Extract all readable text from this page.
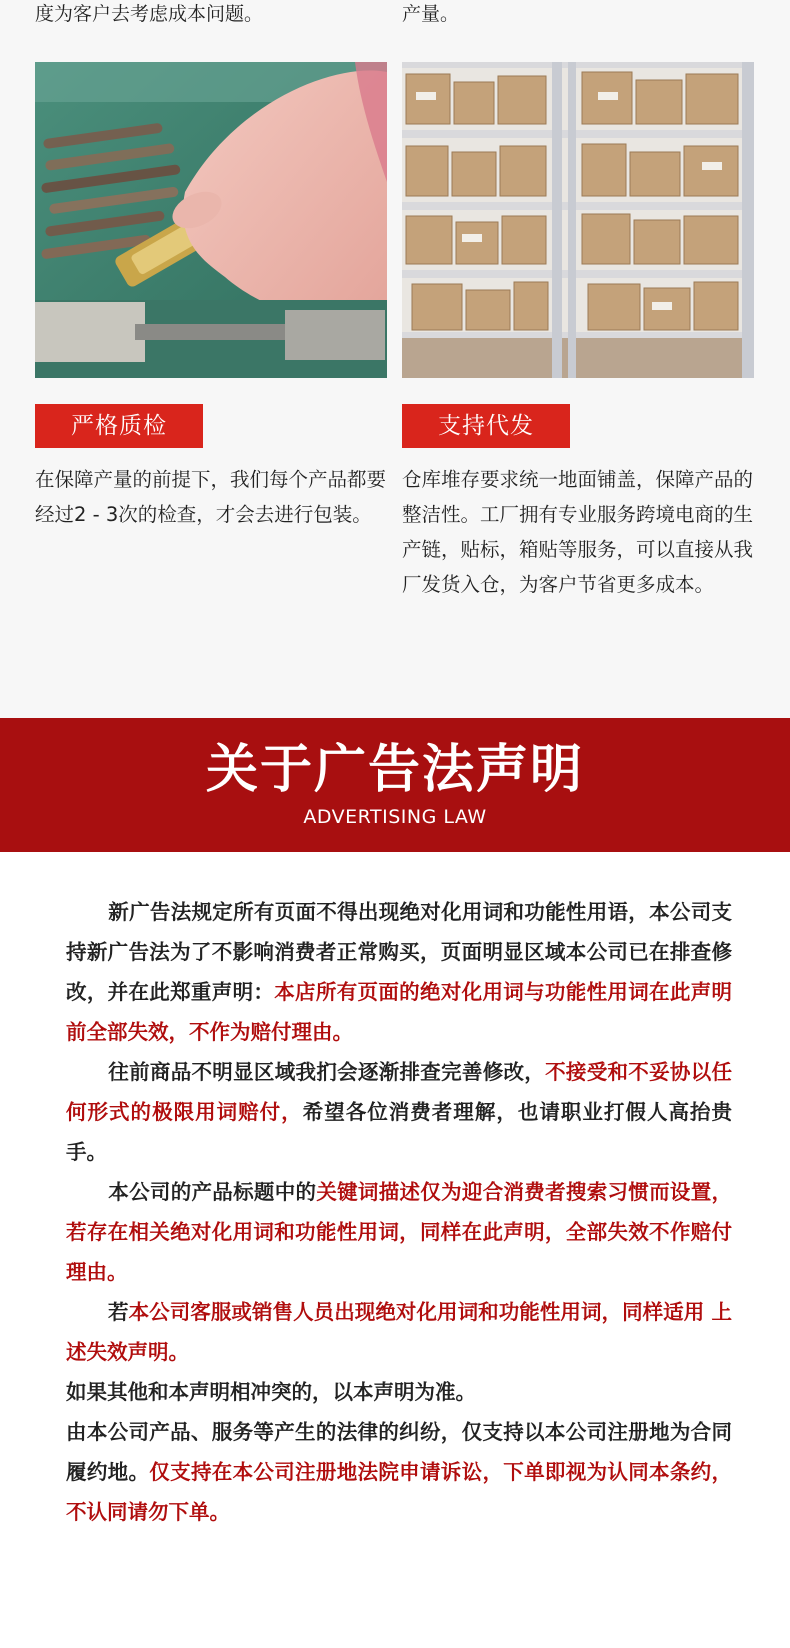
度为客户去考虑成本问题。
严格质检
在保障产量的前提下，我们每个产品都要经过2 - 3次的检查，才会去进行包装。
产量。
支持代发
仓库堆存要求统一地面铺盖，保障产品的整洁性。工厂拥有专业服务跨境电商的生产链，贴标，箱贴等服务，可以直接从我厂发货入仓，为客户节省更多成本。
关于广告法声明
ADVERTISING LAW
新广告法规定所有页面不得出现绝对化用词和功能性用语，本公司支持新广告法为了不影响消费者正常购买，页面明显区域本公司已在排查修改，并在此郑重声明：本店所有页面的绝对化用词与功能性用词在此声明前全部失效，不作为赔付理由。
往前商品不明显区域我扪会逐渐排查完善修改，不接受和不妥协以任何形式的极限用词赔付，希望各位消费者理解，也请职业打假人高抬贵手。
本公司的产品标题中的关键词描述仅为迎合消费者搜索习惯而设置，若存在相关绝对化用词和功能性用词，同样在此声明，全部失效不作赔付理由。
若本公司客服或销售人员出现绝对化用词和功能性用词，同样适用 上述失效声明。
如果其他和本声明相冲突的，以本声明为准。
由本公司产品、服务等产生的法律的纠纷，仅支持以本公司注册地为合同履约地。仅支持在本公司注册地法院申请诉讼，下单即视为认同本条约，不认同请勿下单。
